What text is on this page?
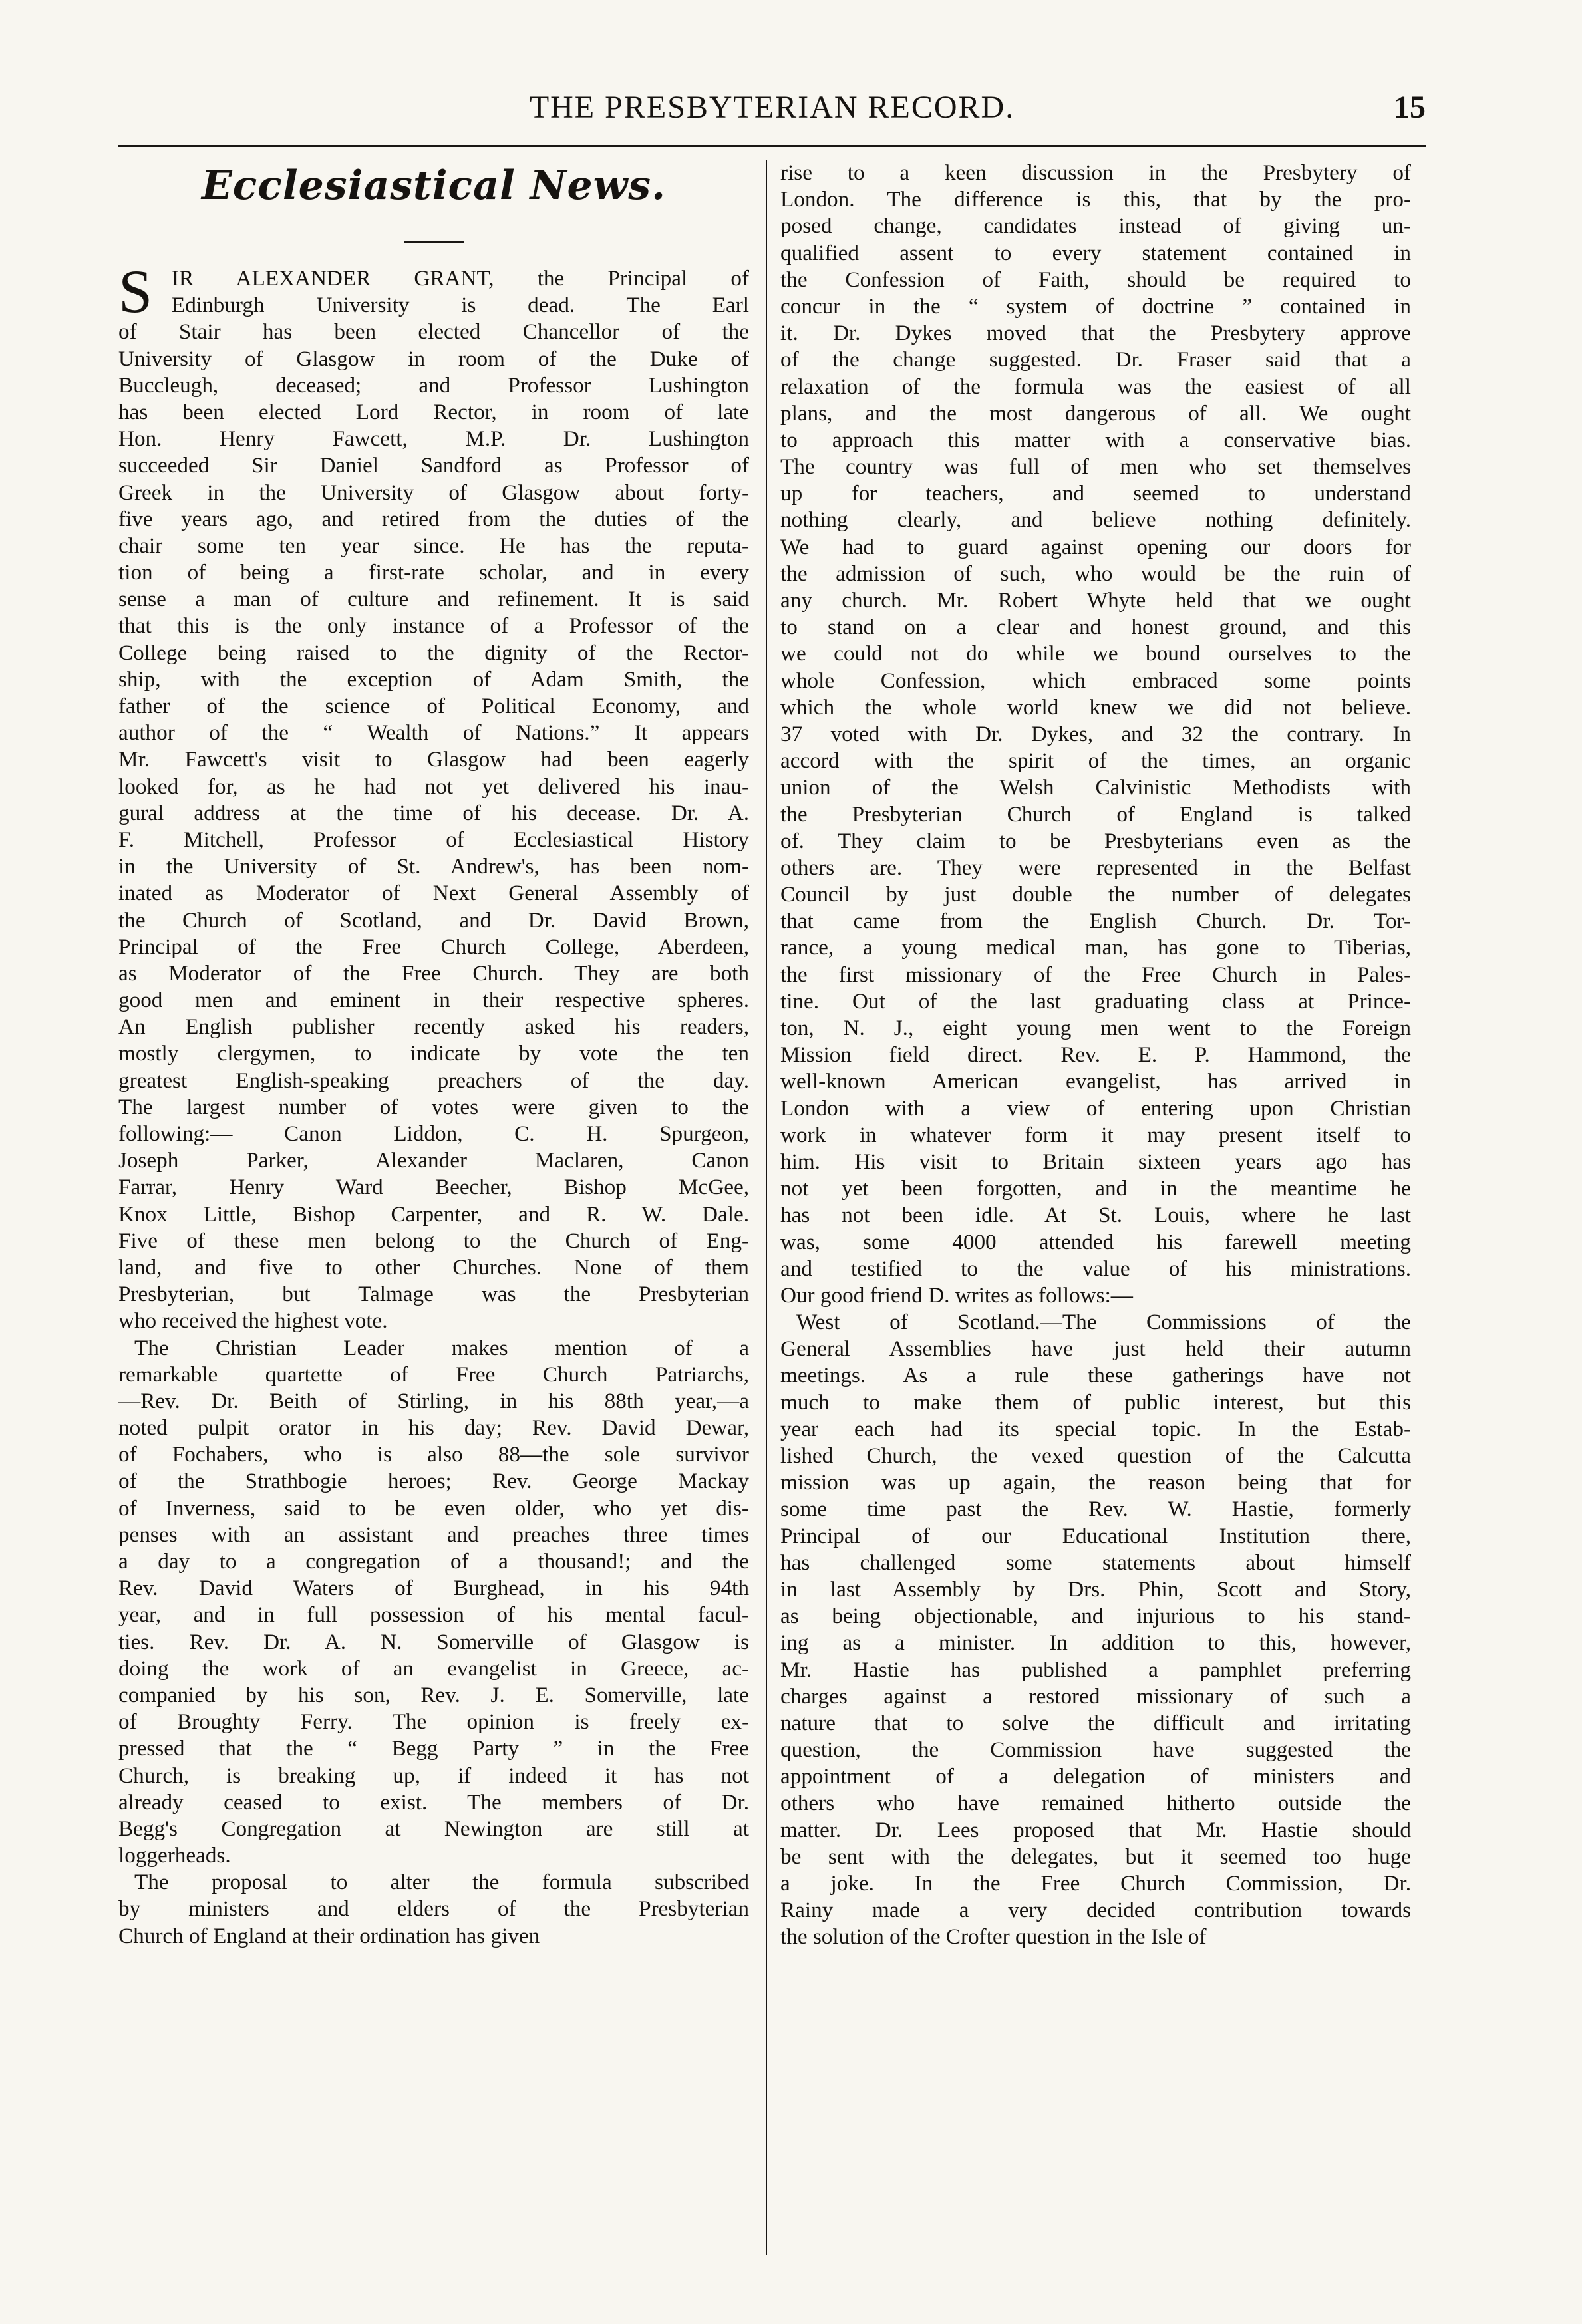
THE PRESBYTERIAN RECORD.	15
Ecclesiastical News.
S IR ALEXANDER GRANT, the Principal of
Edinburgh University is dead. The Earl
of Stair has been elected Chancellor of the
University of Glasgow in room of the Duke of
Buccleugh, deceased; and Professor Lushington
has been elected Lord Rector, in room of late
Hon. Henry Fawcett, M.P. Dr. Lushington
succeeded Sir Daniel Sandford as Professor of
Greek in the University of Glasgow about forty-
five years ago, and retired from the duties of the
chair some ten year since. He has the reputa-
tion of being a first-rate scholar, and in every
sense a man of culture and refinement. It is said
that this is the only instance of a Professor of the
College being raised to the dignity of the Rector-
ship, with the exception of Adam Smith, the
father of the science of Political Economy, and
author of the “ Wealth of Nations.” It appears
Mr. Fawcett's visit to Glasgow had been eagerly
looked for, as he had not yet delivered his inau-
gural address at the time of his decease. Dr. A.
F. Mitchell, Professor of Ecclesiastical History
in the University of St. Andrew's, has been nom-
inated as Moderator of Next General Assembly of
the Church of Scotland, and Dr. David Brown,
Principal of the Free Church College, Aberdeen,
as Moderator of the Free Church. They are both
good men and eminent in their respective spheres.
An English publisher recently asked his readers,
mostly clergymen, to indicate by vote the ten
greatest English-speaking preachers of the day.
The largest number of votes were given to the
following:— Canon Liddon, C. H. Spurgeon,
Joseph Parker, Alexander Maclaren, Canon
Farrar, Henry Ward Beecher, Bishop McGee,
Knox Little, Bishop Carpenter, and R. W. Dale.
Five of these men belong to the Church of Eng-
land, and five to other Churches. None of them
Presbyterian, but Talmage was the Presbyterian
who received the highest vote.
The Christian Leader makes mention of a
remarkable quartette of Free Church Patriarchs,
—Rev. Dr. Beith of Stirling, in his 88th year,—a
noted pulpit orator in his day; Rev. David Dewar,
of Fochabers, who is also 88—the sole survivor
of the Strathbogie heroes; Rev. George Mackay
of Inverness, said to be even older, who yet dis-
penses with an assistant and preaches three times
a day to a congregation of a thousand!; and the
Rev. David Waters of Burghead, in his 94th
year, and in full possession of his mental facul-
ties. Rev. Dr. A. N. Somerville of Glasgow is
doing the work of an evangelist in Greece, ac-
companied by his son, Rev. J. E. Somerville, late
of Broughty Ferry. The opinion is freely ex-
pressed that the “ Begg Party ” in the Free
Church, is breaking up, if indeed it has not
already ceased to exist. The members of Dr.
Begg's Congregation at Newington are still at
loggerheads.
The proposal to alter the formula subscribed
by ministers and elders of the Presbyterian
Church of England at their ordination has given
rise to a keen discussion in the Presbytery of
London. The difference is this, that by the pro-
posed change, candidates instead of giving un-
qualified assent to every statement contained in
the Confession of Faith, should be required to
concur in the “ system of doctrine ” contained in
it. Dr. Dykes moved that the Presbytery approve
of the change suggested. Dr. Fraser said that a
relaxation of the formula was the easiest of all
plans, and the most dangerous of all. We ought
to approach this matter with a conservative bias.
The country was full of men who set themselves
up for teachers, and seemed to understand
nothing clearly, and believe nothing definitely.
We had to guard against opening our doors for
the admission of such, who would be the ruin of
any church. Mr. Robert Whyte held that we ought
to stand on a clear and honest ground, and this
we could not do while we bound ourselves to the
whole Confession, which embraced some points
which the whole world knew we did not believe.
37 voted with Dr. Dykes, and 32 the contrary. In
accord with the spirit of the times, an organic
union of the Welsh Calvinistic Methodists with
the Presbyterian Church of England is talked
of. They claim to be Presbyterians even as the
others are. They were represented in the Belfast
Council by just double the number of delegates
that came from the English Church. Dr. Tor-
rance, a young medical man, has gone to Tiberias,
the first missionary of the Free Church in Pales-
tine. Out of the last graduating class at Prince-
ton, N. J., eight young men went to the Foreign
Mission field direct. Rev. E. P. Hammond, the
well-known American evangelist, has arrived in
London with a view of entering upon Christian
work in whatever form it may present itself to
him. His visit to Britain sixteen years ago has
not yet been forgotten, and in the meantime he
has not been idle. At St. Louis, where he last
was, some 4000 attended his farewell meeting
and testified to the value of his ministrations.
Our good friend D. writes as follows:—
West of Scotland.—The Commissions of the
General Assemblies have just held their autumn
meetings. As a rule these gatherings have not
much to make them of public interest, but this
year each had its special topic. In the Estab-
lished Church, the vexed question of the Calcutta
mission was up again, the reason being that for
some time past the Rev. W. Hastie, formerly
Principal of our Educational Institution there,
has challenged some statements about himself
in last Assembly by Drs. Phin, Scott and Story,
as being objectionable, and injurious to his stand-
ing as a minister. In addition to this, however,
Mr. Hastie has published a pamphlet preferring
charges against a restored missionary of such a
nature that to solve the difficult and irritating
question, the Commission have suggested the
appointment of a delegation of ministers and
others who have remained hitherto outside the
matter. Dr. Lees proposed that Mr. Hastie should
be sent with the delegates, but it seemed too huge
a joke. In the Free Church Commission, Dr.
Rainy made a very decided contribution towards
the solution of the Crofter question in the Isle of
